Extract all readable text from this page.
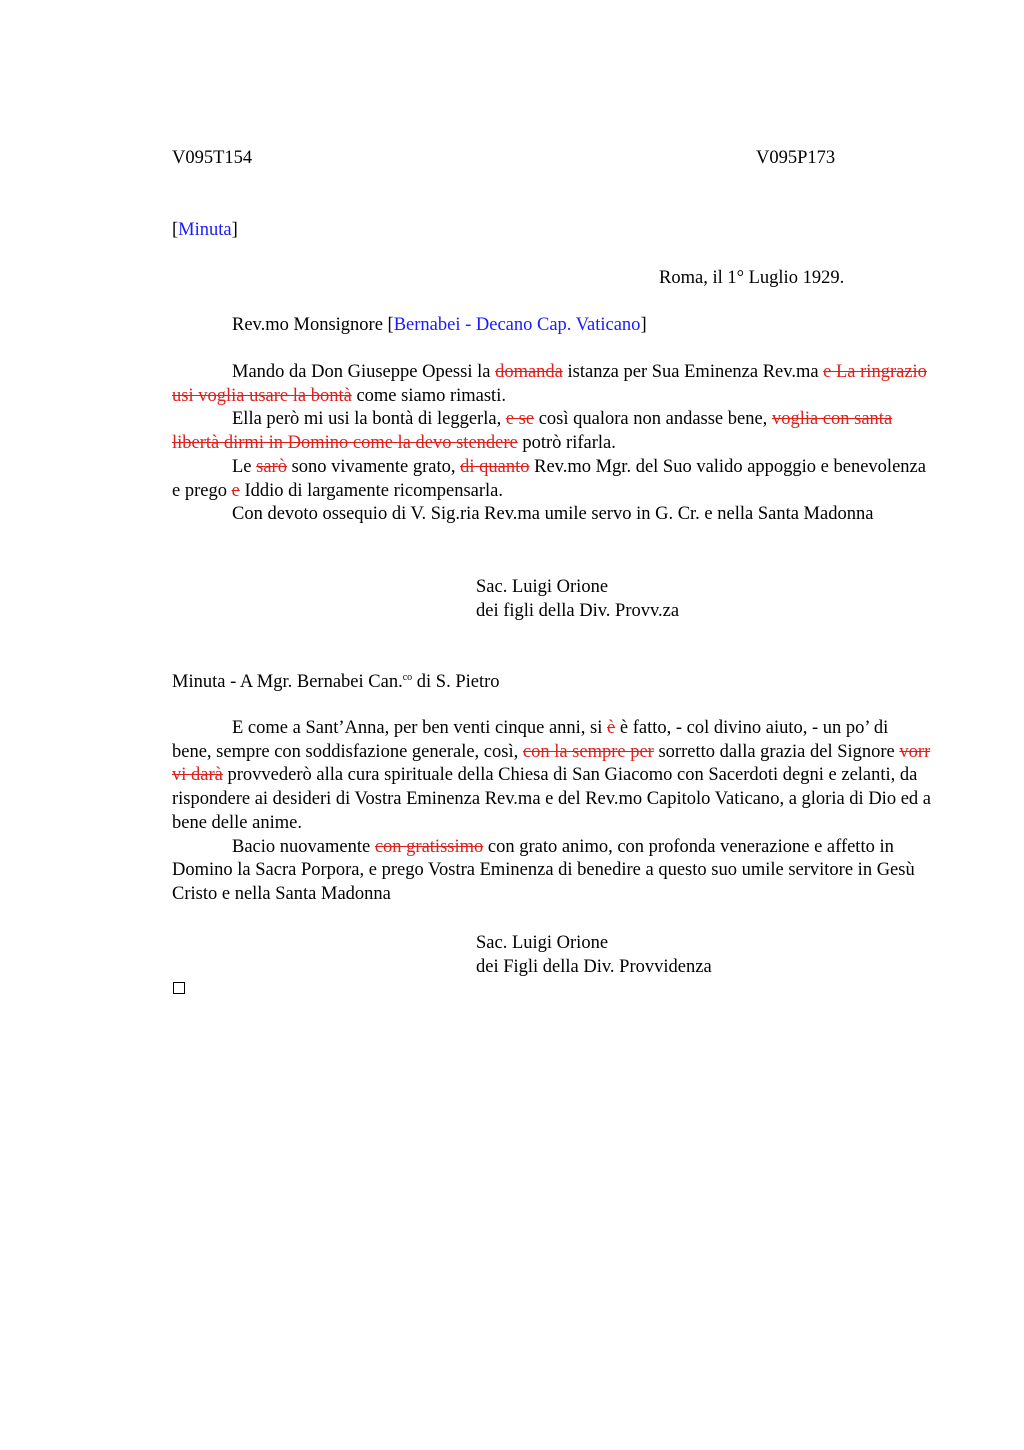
V095T154	V095P173
[Minuta]
Roma, il 1° Luglio 1929.
Rev.mo Monsignore [Bernabei - Decano Cap. Vaticano]

Mando da Don Giuseppe Opessi la domanda istanza per Sua Eminenza Rev.ma e La ringrazio usi voglia usare la bontà come siamo rimasti.

Ella però mi usi la bontà di leggerla, e se così qualora non andasse bene, voglia con santa libertà dirmi in Domino come la devo stendere potrò rifarla.

Le sarò sono vivamente grato, di quanto Rev.mo Mgr. del Suo valido appoggio e benevolenza e prego e Iddio di largamente ricompensarla.

Con devoto ossequio di V. Sig.ria Rev.ma umile servo in G. Cr. e nella Santa Madonna

Sac. Luigi Orione
dei figli della Div. Provv.za
Minuta - A Mgr. Bernabei Can.$^{co}$ di S. Pietro

E come a Sant’Anna, per ben venti cinque anni, si è è fatto, - col divino aiuto, - un po’ di bene, sempre con soddisfazione generale, così, con la sempre per sorretto dalla grazia del Signore vorr vi darà provvederò alla cura spirituale della Chiesa di San Giacomo con Sacerdoti degni e zelanti, da rispondere ai desideri di Vostra Eminenza Rev.ma e del Rev.mo Capitolo Vaticano, a gloria di Dio ed a bene delle anime.

Bacio nuovamente con gratissimo con grato animo, con profonda venerazione e affetto in Domino la Sacra Porpora, e prego Vostra Eminenza di benedire a questo suo umile servitore in Gesù Cristo e nella Santa Madonna

Sac. Luigi Orione
dei Figli della Div. Provvidenza
